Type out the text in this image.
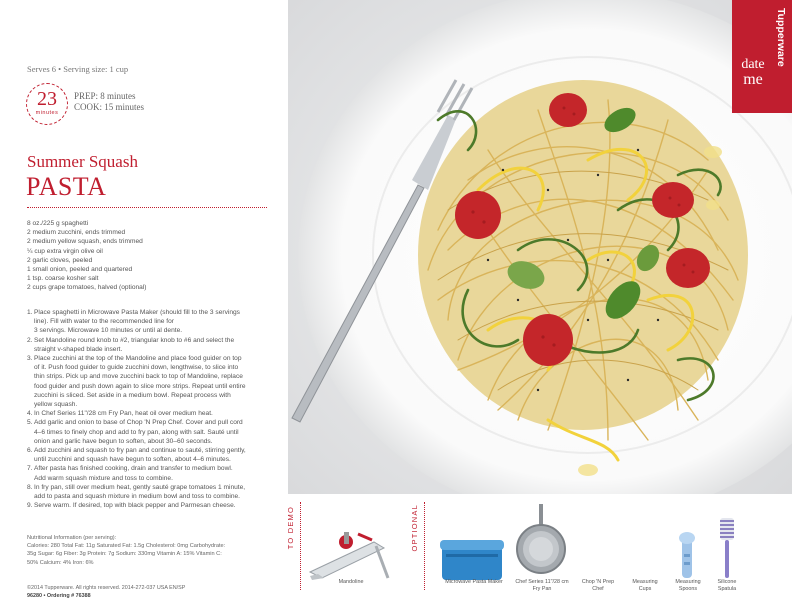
Serves 6 • Serving size: 1 cup
23
minutes
PREP: 8 minutes
COOK: 15 minutes
Summer Squash
PASTA
8 oz./225 g spaghetti
2 medium zucchini, ends trimmed
2 medium yellow squash, ends trimmed
¼ cup extra virgin olive oil
2 garlic cloves, peeled
1 small onion, peeled and quartered
1 tsp. coarse kosher salt
2 cups grape tomatoes, halved (optional)
1. Place spaghetti in Microwave Pasta Maker (should fill to the 3 servings
line). Fill with water to the recommended line for
3 servings. Microwave 10 minutes or until al dente.
2. Set Mandoline round knob to #2, triangular knob to #6 and select the
straight v-shaped blade insert.
3. Place zucchini at the top of the Mandoline and place food guider on top
of it. Push food guider to guide zucchini down, lengthwise, to slice into
thin strips. Pick up and move zucchini back to top of Mandoline, replace
food guider and push down again to slice more strips. Repeat until entire
zucchini is sliced. Set aside in a medium bowl. Repeat process with
yellow squash.
4. In Chef Series 11"/28 cm Fry Pan, heat oil over medium heat.
5. Add garlic and onion to base of Chop 'N Prep Chef. Cover and pull cord
4–6 times to finely chop and add to fry pan, along with salt. Sauté until
onion and garlic have begun to soften, about 30–60 seconds.
6. Add zucchini and squash to fry pan and continue to sauté, stirring gently,
until zucchini and squash have begun to soften, about 4–6 minutes.
7. After pasta has finished cooking, drain and transfer to medium bowl.
Add warm squash mixture and toss to combine.
8. In fry pan, still over medium heat, gently sauté grape tomatoes 1 minute,
add to pasta and squash mixture in medium bowl and toss to combine.
9. Serve warm. If desired, top with black pepper and Parmesan cheese.
Nutritional Information (per serving):
Calories: 280 Total Fat: 11g Saturated Fat: 1.5g Cholesterol: 0mg Carbohydrate:
35g Sugar: 6g Fiber: 3g Protein: 7g Sodium: 330mg Vitamin A: 15% Vitamin C:
50% Calcium: 4% Iron: 6%
©2014 Tupperware. All rights reserved. 2014-272-037 USA EN/SP
96280 • Ordering # 76388
Tupperware
date
me
TO DEMO	OPTIONAL
Mandoline	Microwave Pasta Maker	Chef Series 11"/28 cm Fry Pan
Chop 'N Prep Chef
Measuring Cups
Measuring Spoons
Silicone Spatula
